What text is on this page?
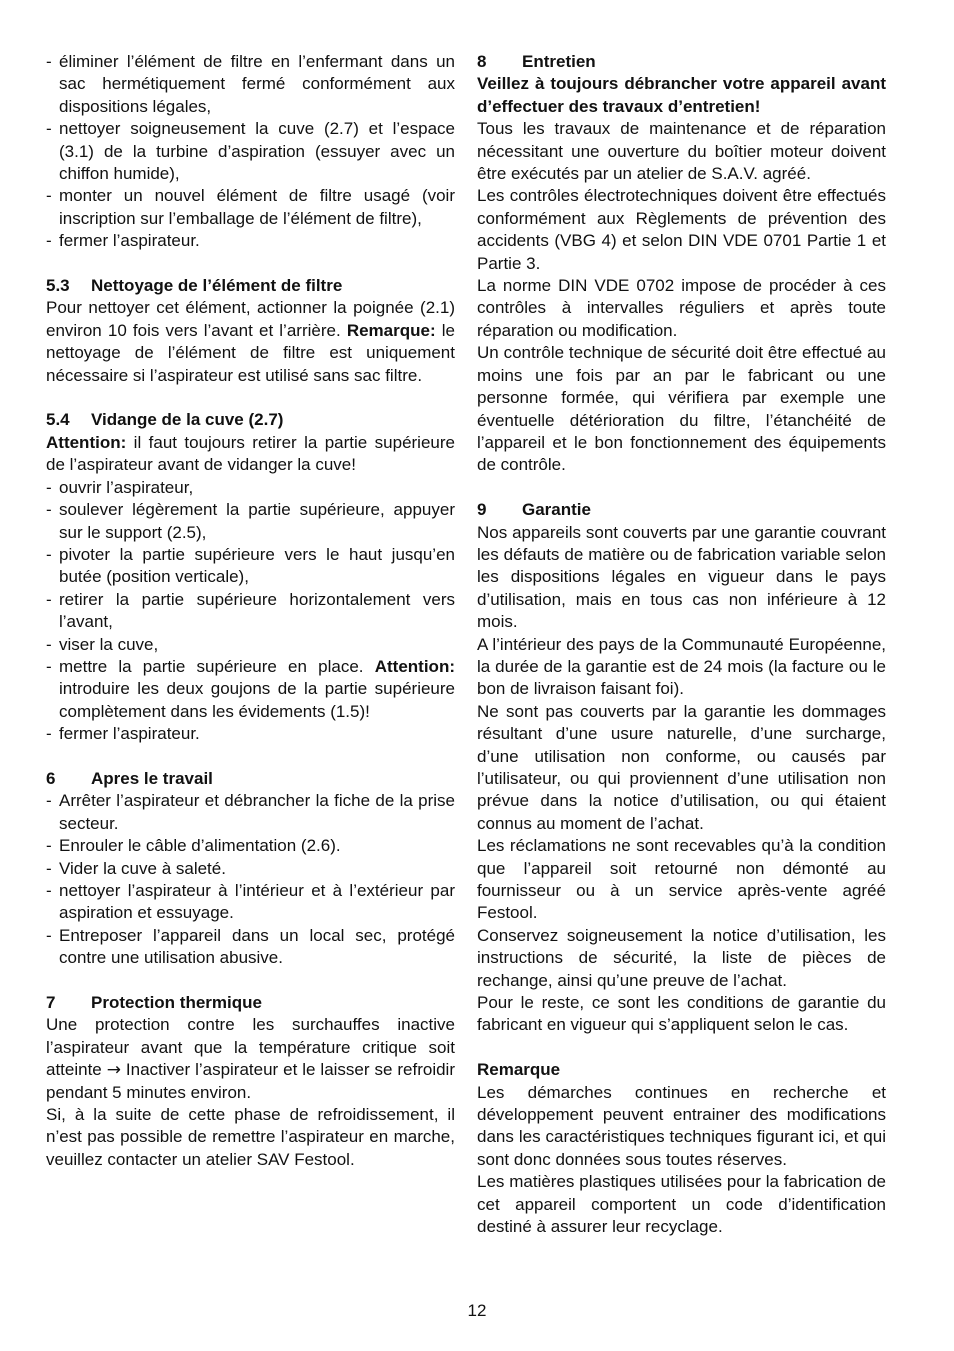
- éliminer l’élément de filtre en l’enfermant dans un sac hermétiquement fermé conformément aux dispositions légales,
- nettoyer soigneusement la cuve (2.7) et l’espace (3.1) de la turbine d’aspiration (essuyer avec un chiffon humide),
- monter un nouvel élément de filtre usagé (voir inscription sur l’emballage de l’élément de filtre),
- fermer l’aspirateur.
5.3	Nettoyage de l’élément de filtre

Pour nettoyer cet élément, actionner la poignée (2.1) environ 10 fois vers l’avant et l’arrière. Remarque: le nettoyage de l’élément de filtre est uniquement nécessaire si l’aspirateur est utilisé sans sac filtre.

5.4	Vidange de la cuve (2.7)

Attention: il faut toujours retirer la partie supérieure de l’aspirateur avant de vidanger la cuve!

- ouvrir l’aspirateur,
- soulever légèrement la partie supérieure, appuyer sur le support (2.5),
- pivoter la partie supérieure vers le haut jusqu’en butée (position verticale),
- retirer la partie supérieure horizontalement vers l’avant,
- viser la cuve,
- mettre la partie supérieure en place. Attention: introduire les deux goujons de la partie supérieure complètement dans les évidements (1.5)!
- fermer l’aspirateur.
6	Apres le travail
- Arrêter l’aspirateur et débrancher la fiche de la prise secteur.
- Enrouler le câble d’alimentation (2.6).
- Vider la cuve à saleté.
- nettoyer l’aspirateur à l’intérieur et à l’extérieur par aspiration et essuyage.
- Entreposer l’appareil dans un local sec, protégé contre une utilisation abusive.
7	Protection thermique

Une protection contre les surchauffes inactive l’aspirateur avant que la température critique soit atteinte → Inactiver l’aspirateur et le laisser se refroidir pendant 5 minutes environ.

Si, à la suite de cette phase de refroidissement, il n’est pas possible de remettre l’aspirateur en marche, veuillez contacter un atelier SAV Festool.

8	Entretien

Veillez à toujours débrancher votre appareil avant d’effectuer des travaux d’entretien!

Tous les travaux de maintenance et de réparation nécessitant une ouverture du boîtier moteur doivent être exécutés par un atelier de S.A.V. agréé.

Les contrôles électrotechniques doivent être effectués conformément aux Règlements de prévention des accidents (VBG 4) et selon DIN VDE 0701 Partie 1 et Partie 3.

La norme DIN VDE 0702 impose de procéder à ces contrôles à intervalles réguliers et après toute réparation ou modification.

Un contrôle technique de sécurité doit être effectué au moins une fois par an par le fabricant ou une personne formée, qui vérifiera par exemple une éventuelle détérioration du filtre, l’étanchéité de l’appareil et le bon fonctionnement des équipements de contrôle.

9	Garantie

Nos appareils sont couverts par une garantie couvrant les défauts de matière ou de fabrication variable selon les dispositions légales en vigueur dans le pays d’utilisation, mais en tous cas non inférieure à 12 mois.

A l’intérieur des pays de la Communauté Européenne, la durée de la garantie est de 24 mois (la facture ou le bon de livraison faisant foi).

Ne sont pas couverts par la garantie les dommages résultant d’une usure naturelle, d’une surcharge, d’une utilisation non conforme, ou causés par l’utilisateur, ou qui proviennent d’une utilisation non prévue dans la notice d’utilisation, ou qui étaient connus au moment de l’achat.

Les réclamations ne sont recevables qu’à la condition que l’appareil soit retourné non démonté au fournisseur ou à un service après-vente agréé Festool.

Conservez soigneusement la notice d’utilisation, les instructions de sécurité, la liste de pièces de rechange, ainsi qu’une preuve de l’achat.

Pour le reste, ce sont les conditions de garantie du fabricant en vigueur qui s’appliquent selon le cas.

Remarque

Les démarches continues en recherche et développement peuvent entrainer des modifications dans les caractéristiques techniques figurant ici, et qui sont donc données sous toutes réserves.

Les matières plastiques utilisées pour la fabrication de cet appareil comportent un code d’identification destiné à assurer leur recyclage.

12
